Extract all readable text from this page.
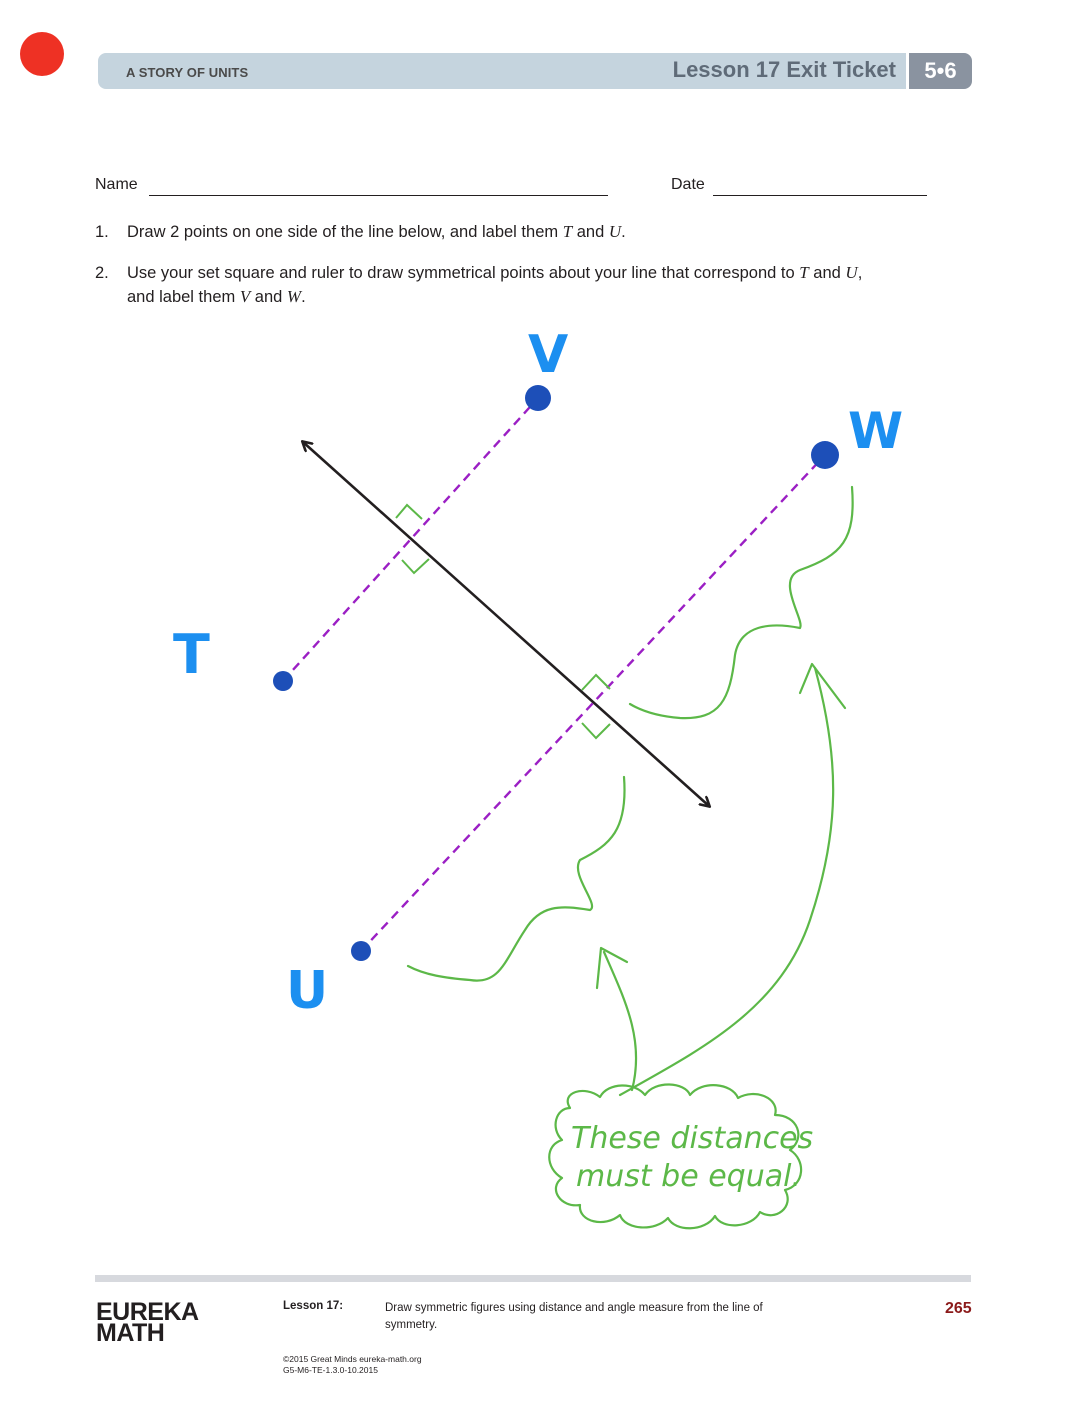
A STORY OF UNITS	Lesson 17 Exit Ticket	5•6
Name	Date
1. Draw 2 points on one side of the line below, and label them T and U.
2. Use your set square and ruler to draw symmetrical points about your line that correspond to T and U,
and label them V and W.
V
W
T
U
These distances
must be equal.
EUREKA
MATH
Lesson 17:	Draw symmetric figures using distance and angle measure from the line of symmetry.
265
©2015 Great Minds eureka-math.org
G5-M6-TE-1.3.0-10.2015
